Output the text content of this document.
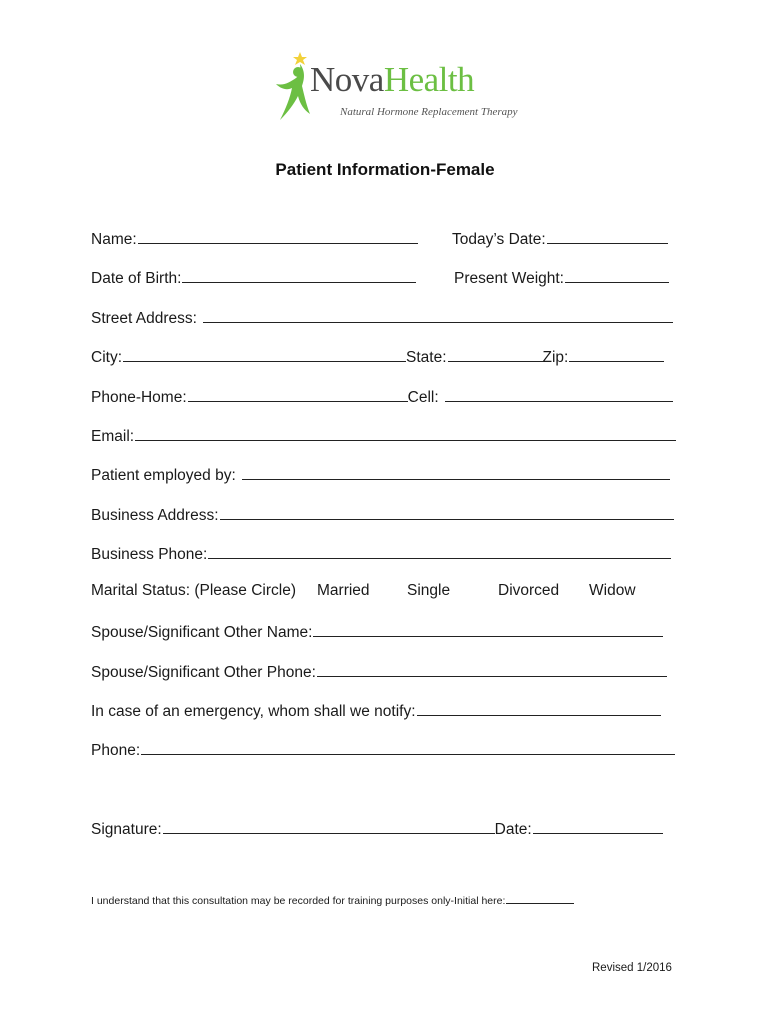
NovaHealth
Natural Hormone Replacement Therapy
Patient Information-Female
Name:	Today’s Date:
Date of Birth:	Present Weight:
Street Address:
City:	State:	Zip:
Phone-Home:	Cell:
Email:
Patient employed by:
Business Address:
Business Phone:
Marital Status: (Please Circle) Married Single	Divorced Widow
Spouse/Significant Other Name:
Spouse/Significant Other Phone:
In case of an emergency, whom shall we notify:
Phone:
Signature:	Date:
I understand that this consultation may be recorded for training purposes only-Initial here:
Revised 1/2016
